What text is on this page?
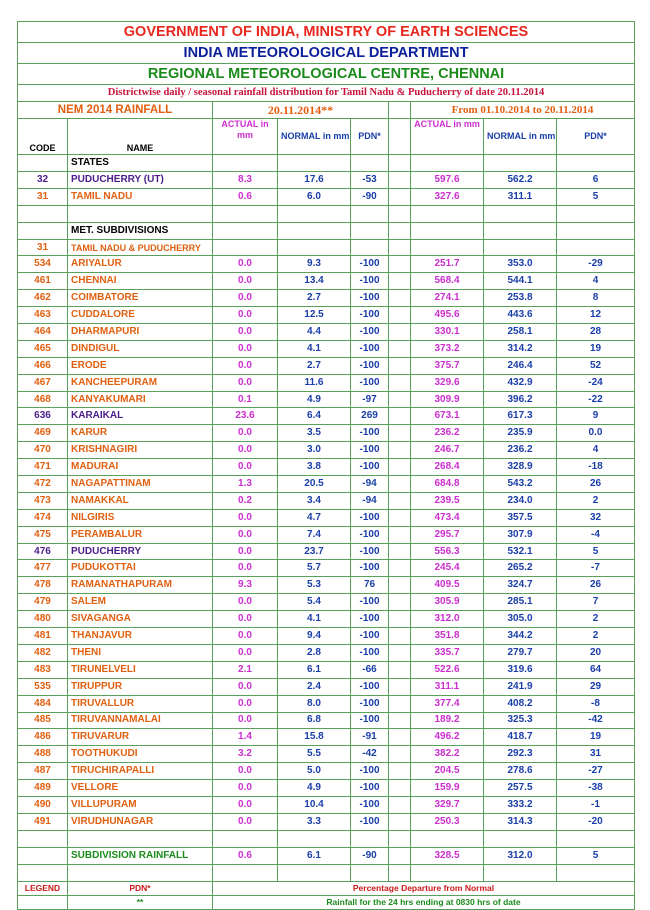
GOVERNMENT OF INDIA, MINISTRY OF EARTH SCIENCES								
INDIA METEOROLOGICAL DEPARTMENT								
REGIONAL METEOROLOGICAL CENTRE, CHENNAI								
Districtwise daily / seasonal rainfall distribution for Tamil Nadu & Puducherry of date 20.11.2014								
NEM 2014 RAINFALL		20.11.2014**				From 01.10.2014 to 20.11.2014		
CODE	NAME	ACTUAL in mm	NORMAL in mm	PDN*		ACTUAL in mm	NORMAL in mm	PDN*
	STATES							
32	PUDUCHERRY (UT)	8.3	17.6	-53		597.6	562.2	6
31	TAMIL NADU	0.6	6.0	-90		327.6	311.1	5

	MET. SUBDIVISIONS							
31	TAMIL NADU & PUDUCHERRY							
534	ARIYALUR	0.0	9.3	-100		251.7	353.0	-29
461	CHENNAI	0.0	13.4	-100		568.4	544.1	4
462	COIMBATORE	0.0	2.7	-100		274.1	253.8	8
463	CUDDALORE	0.0	12.5	-100		495.6	443.6	12
464	DHARMAPURI	0.0	4.4	-100		330.1	258.1	28
465	DINDIGUL	0.0	4.1	-100		373.2	314.2	19
466	ERODE	0.0	2.7	-100		375.7	246.4	52
467	KANCHEEPURAM	0.0	11.6	-100		329.6	432.9	-24
468	KANYAKUMARI	0.1	4.9	-97		309.9	396.2	-22
636	KARAIKAL	23.6	6.4	269		673.1	617.3	9
469	KARUR	0.0	3.5	-100		236.2	235.9	0.0
470	KRISHNAGIRI	0.0	3.0	-100		246.7	236.2	4
471	MADURAI	0.0	3.8	-100		268.4	328.9	-18
472	NAGAPATTINAM	1.3	20.5	-94		684.8	543.2	26
473	NAMAKKAL	0.2	3.4	-94		239.5	234.0	2
474	NILGIRIS	0.0	4.7	-100		473.4	357.5	32
475	PERAMBALUR	0.0	7.4	-100		295.7	307.9	-4
476	PUDUCHERRY	0.0	23.7	-100		556.3	532.1	5
477	PUDUKOTTAI	0.0	5.7	-100		245.4	265.2	-7
478	RAMANATHAPURAM	9.3	5.3	76		409.5	324.7	26
479	SALEM	0.0	5.4	-100		305.9	285.1	7
480	SIVAGANGA	0.0	4.1	-100		312.0	305.0	2
481	THANJAVUR	0.0	9.4	-100		351.8	344.2	2
482	THENI	0.0	2.8	-100		335.7	279.7	20
483	TIRUNELVELI	2.1	6.1	-66		522.6	319.6	64
535	TIRUPPUR	0.0	2.4	-100		311.1	241.9	29
484	TIRUVALLUR	0.0	8.0	-100		377.4	408.2	-8
485	TIRUVANNAMALAI	0.0	6.8	-100		189.2	325.3	-42
486	TIRUVARUR	1.4	15.8	-91		496.2	418.7	19
488	TOOTHUKUDI	3.2	5.5	-42		382.2	292.3	31
487	TIRUCHIRAPALLI	0.0	5.0	-100		204.5	278.6	-27
489	VELLORE	0.0	4.9	-100		159.9	257.5	-38
490	VILLUPURAM	0.0	10.4	-100		329.7	333.2	-1
491	VIRUDHUNAGAR	0.0	3.3	-100		250.3	314.3	-20

	SUBDIVISION RAINFALL	0.6	6.1	-90		328.5	312.0	5

LEGEND	PDN*	Percentage Departure from Normal						
	**	Rainfall for the 24 hrs ending at 0830 hrs of date						
